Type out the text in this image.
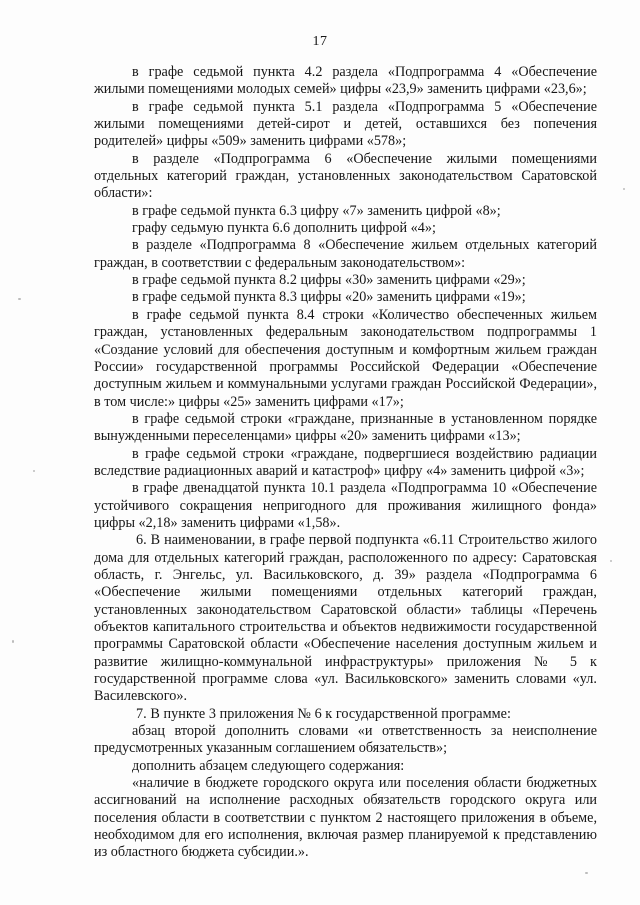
17

в графе седьмой пункта 4.2 раздела «Подпрограмма 4 «Обеспечение жилыми помещениями молодых семей» цифры «23,9» заменить цифрами «23,6»;

в графе седьмой пункта 5.1 раздела «Подпрограмма 5 «Обеспечение жилыми помещениями детей-сирот и детей, оставшихся без попечения родителей» цифры «509» заменить цифрами «578»;

в разделе «Подпрограмма 6 «Обеспечение жилыми помещениями отдельных категорий граждан, установленных законодательством Саратовской области»:

в графе седьмой пункта 6.3 цифру «7» заменить цифрой «8»;

графу седьмую пункта 6.6 дополнить цифрой «4»;

в разделе «Подпрограмма 8 «Обеспечение жильем отдельных категорий граждан, в соответствии с федеральным законодательством»:

в графе седьмой пункта 8.2 цифры «30» заменить цифрами «29»;

в графе седьмой пункта 8.3 цифры «20» заменить цифрами «19»;

в графе седьмой пункта 8.4 строки «Количество обеспеченных жильем граждан, установленных федеральным законодательством подпрограммы 1 «Создание условий для обеспечения доступным и комфортным жильем граждан России» государственной программы Российской Федерации «Обеспечение доступным жильем и коммунальными услугами граждан Российской Федерации», в том числе:» цифры «25» заменить цифрами «17»;

в графе седьмой строки «граждане, признанные в установленном порядке вынужденными переселенцами» цифры «20» заменить цифрами «13»;

в графе седьмой строки «граждане, подвергшиеся воздействию радиации вследствие радиационных аварий и катастроф» цифру «4» заменить цифрой «3»;

в графе двенадцатой пункта 10.1 раздела «Подпрограмма 10 «Обеспечение устойчивого сокращения непригодного для проживания жилищного фонда» цифры «2,18» заменить цифрами «1,58».

6. В наименовании, в графе первой подпункта «6.11 Строительство жилого дома для отдельных категорий граждан, расположенного по адресу: Саратовская область, г. Энгельс, ул. Васильковского, д. 39» раздела «Подпрограмма 6 «Обеспечение жилыми помещениями отдельных категорий граждан, установленных законодательством Саратовской области» таблицы «Перечень объектов капитального строительства и объектов недвижимости государственной программы Саратовской области «Обеспечение населения доступным жильем и развитие жилищно-коммунальной инфраструктуры» приложения № 5 к государственной программе слова «ул. Васильковского» заменить словами «ул. Василевского».

7. В пункте 3 приложения № 6 к государственной программе:

абзац второй дополнить словами «и ответственность за неисполнение предусмотренных указанным соглашением обязательств»;

дополнить абзацем следующего содержания:

«наличие в бюджете городского округа или поселения области бюджетных ассигнований на исполнение расходных обязательств городского округа или поселения области в соответствии с пунктом 2 настоящего приложения в объеме, необходимом для его исполнения, включая размер планируемой к представлению из областного бюджета субсидии.».
